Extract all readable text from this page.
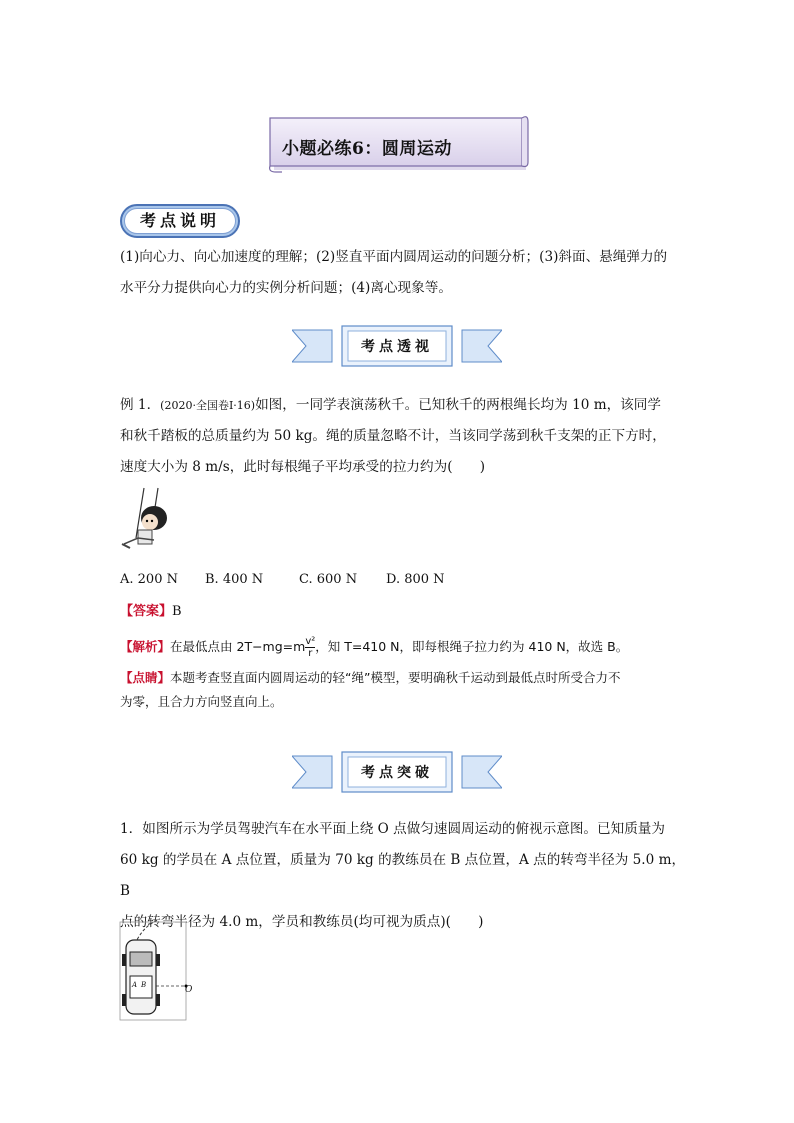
小题必练6：圆周运动
考点说明
(1)向心力、向心加速度的理解；(2)竖直平面内圆周运动的问题分析；(3)斜面、悬绳弹力的
水平分力提供向心力的实例分析问题；(4)离心现象等。
考点透视
例 1．(2020·全国卷Ⅰ·16)如图，一同学表演荡秋千。已知秋千的两根绳长均为 10 m，该同学
和秋千踏板的总质量约为 50 kg。绳的质量忽略不计，当该同学荡到秋千支架的正下方时，
速度大小为 8 m/s，此时每根绳子平均承受的拉力约为(　　)
A. 200 N B. 400 N	C. 600 N D. 800 N
【答案】B
【解析】在最低点由 $2T-mg=m \frac{\text{v²}}{r}$ ，知 T=410 N，即每根绳子拉力约为 410 N，故选 B。
【点睛】本题考查竖直面内圆周运动的轻“绳”模型，要明确秋千运动到最低点时所受合力不
为零，且合力方向竖直向上。
考点突破
1．如图所示为学员驾驶汽车在水平面上绕 O 点做匀速圆周运动的俯视示意图。已知质量为
60 kg 的学员在 A 点位置，质量为 70 kg 的教练员在 B 点位置，A 点的转弯半径为 5.0 m，B
点的转弯半径为 4.0 m，学员和教练员(均可视为质点)(　　)
A B	O
